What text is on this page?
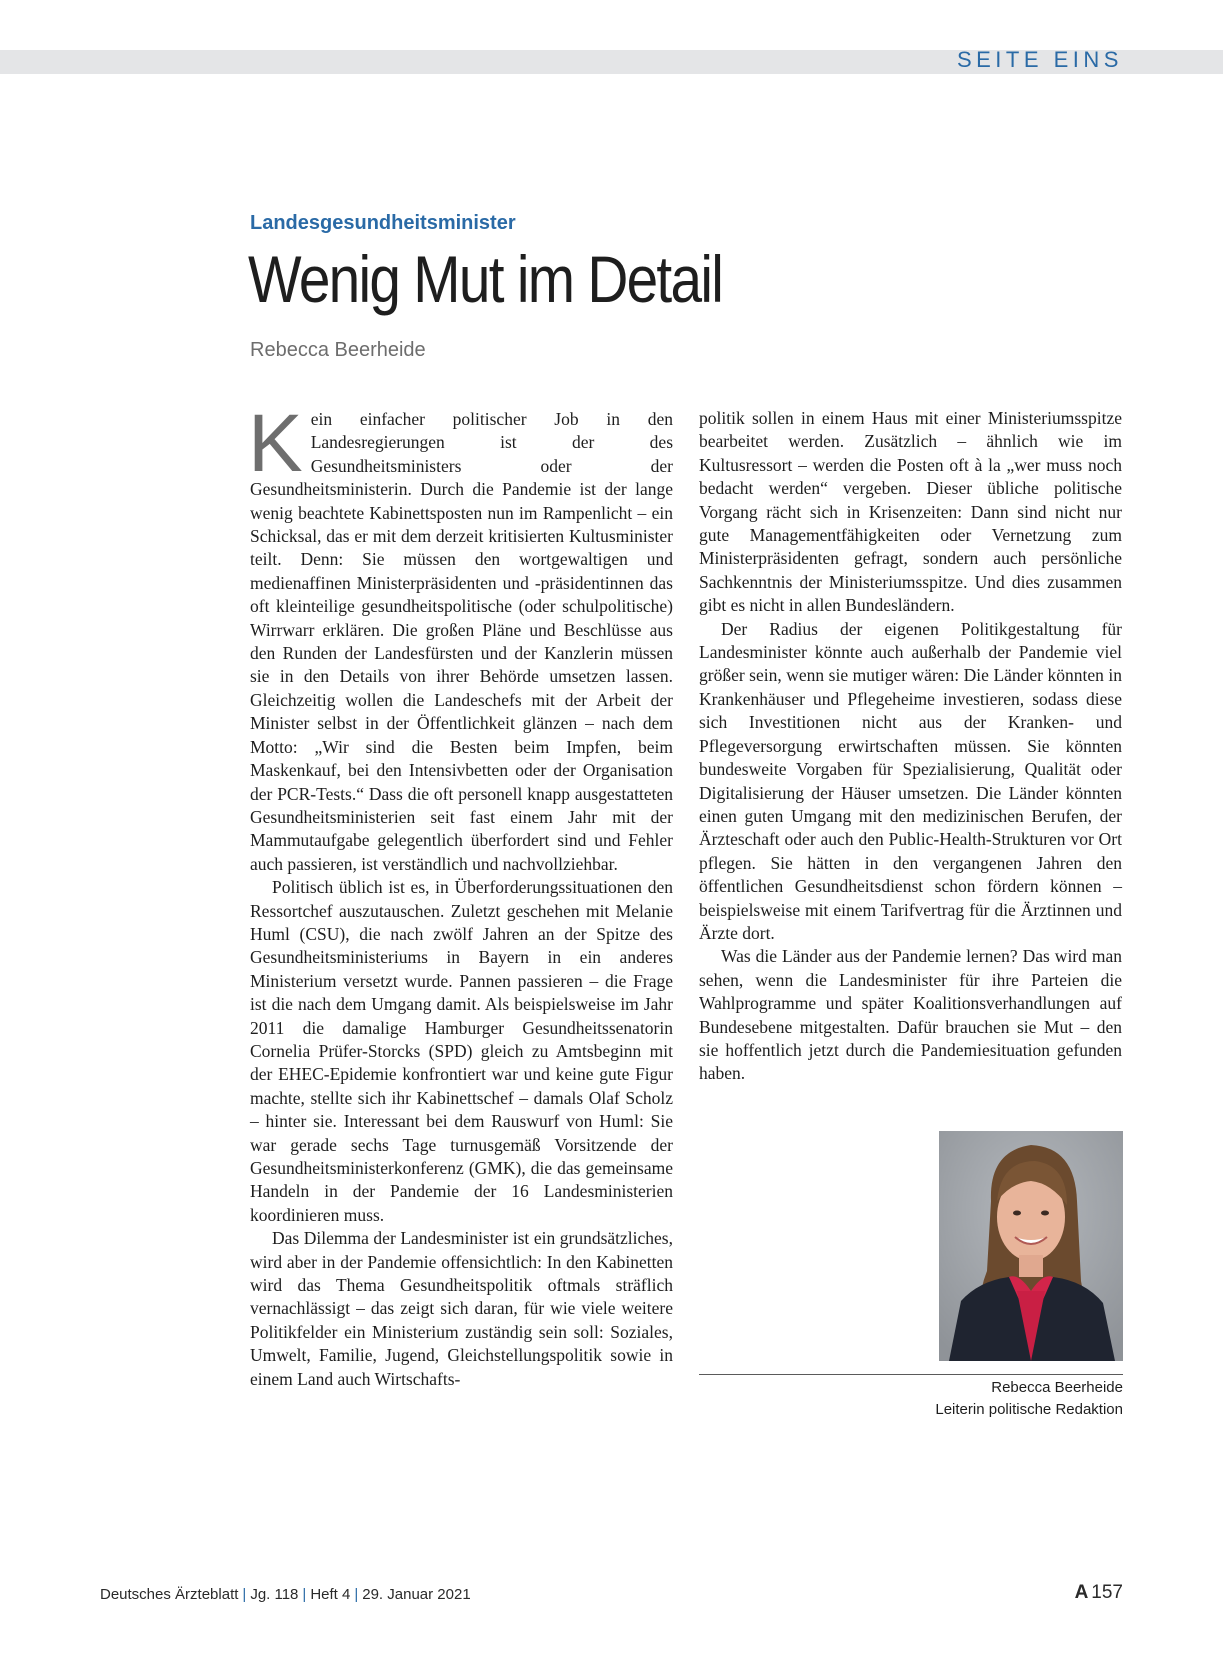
SEITE EINS
Landesgesundheitsminister
Wenig Mut im Detail
Rebecca Beerheide

Kein einfacher politischer Job in den Landesregierungen ist der des Gesundheitsministers oder der Gesundheitsministerin. Durch die Pandemie ist der lange wenig beachtete Kabinettsposten nun im Rampenlicht – ein Schicksal, das er mit dem derzeit kritisierten Kultusminister teilt. Denn: Sie müssen den wortgewaltigen und medienaffinen Ministerpräsidenten und -präsidentinnen das oft kleinteilige gesundheitspolitische (oder schulpolitische) Wirrwarr erklären. Die großen Pläne und Beschlüsse aus den Runden der Landesfürsten und der Kanzlerin müssen sie in den Details von ihrer Behörde umsetzen lassen. Gleichzeitig wollen die Landeschefs mit der Arbeit der Minister selbst in der Öffentlichkeit glänzen – nach dem Motto: „Wir sind die Besten beim Impfen, beim Maskenkauf, bei den Intensivbetten oder der Organisation der PCR-Tests.“ Dass die oft personell knapp ausgestatteten Gesundheitsministerien seit fast einem Jahr mit der Mammutaufgabe gelegentlich überfordert sind und Fehler auch passieren, ist verständlich und nachvollziehbar.

Politisch üblich ist es, in Überforderungssituationen den Ressortchef auszutauschen. Zuletzt geschehen mit Melanie Huml (CSU), die nach zwölf Jahren an der Spitze des Gesundheitsministeriums in Bayern in ein anderes Ministerium versetzt wurde. Pannen passieren – die Frage ist die nach dem Umgang damit. Als beispielsweise im Jahr 2011 die damalige Hamburger Gesundheitssenatorin Cornelia Prüfer-Storcks (SPD) gleich zu Amtsbeginn mit der EHEC-Epidemie konfrontiert war und keine gute Figur machte, stellte sich ihr Kabinettschef – damals Olaf Scholz – hinter sie. Interessant bei dem Rauswurf von Huml: Sie war gerade sechs Tage turnusgemäß Vorsitzende der Gesundheitsministerkonferenz (GMK), die das gemeinsame Handeln in der Pandemie der 16 Landesministerien koordinieren muss.

Das Dilemma der Landesminister ist ein grundsätzliches, wird aber in der Pandemie offensichtlich: In den Kabinetten wird das Thema Gesundheitspolitik oftmals sträflich vernachlässigt – das zeigt sich daran, für wie viele weitere Politikfelder ein Ministerium zuständig sein soll: Soziales, Umwelt, Familie, Jugend, Gleichstellungspolitik sowie in einem Land auch Wirtschafts-

politik sollen in einem Haus mit einer Ministeriumsspitze bearbeitet werden. Zusätzlich – ähnlich wie im Kultusressort – werden die Posten oft à la „wer muss noch bedacht werden“ vergeben. Dieser übliche politische Vorgang rächt sich in Krisenzeiten: Dann sind nicht nur gute Managementfähigkeiten oder Vernetzung zum Ministerpräsidenten gefragt, sondern auch persönliche Sachkenntnis der Ministeriumsspitze. Und dies zusammen gibt es nicht in allen Bundesländern.

Der Radius der eigenen Politikgestaltung für Landesminister könnte auch außerhalb der Pandemie viel größer sein, wenn sie mutiger wären: Die Länder könnten in Krankenhäuser und Pflegeheime investieren, sodass diese sich Investitionen nicht aus der Kranken- und Pflegeversorgung erwirtschaften müssen. Sie könnten bundesweite Vorgaben für Spezialisierung, Qualität oder Digitalisierung der Häuser umsetzen. Die Länder könnten einen guten Umgang mit den medizinischen Berufen, der Ärzteschaft oder auch den Public-Health-Strukturen vor Ort pflegen. Sie hätten in den vergangenen Jahren den öffentlichen Gesundheitsdienst schon fördern können – beispielsweise mit einem Tarifvertrag für die Ärztinnen und Ärzte dort.

Was die Länder aus der Pandemie lernen? Das wird man sehen, wenn die Landesminister für ihre Parteien die Wahlprogramme und später Koalitionsverhandlungen auf Bundesebene mitgestalten. Dafür brauchen sie Mut – den sie hoffentlich jetzt durch die Pandemiesituation gefunden haben.

Rebecca Beerheide
Leiterin politische Redaktion
Deutsches Ärzteblatt | Jg. 118 | Heft 4 | 29. Januar 2021	A 157
